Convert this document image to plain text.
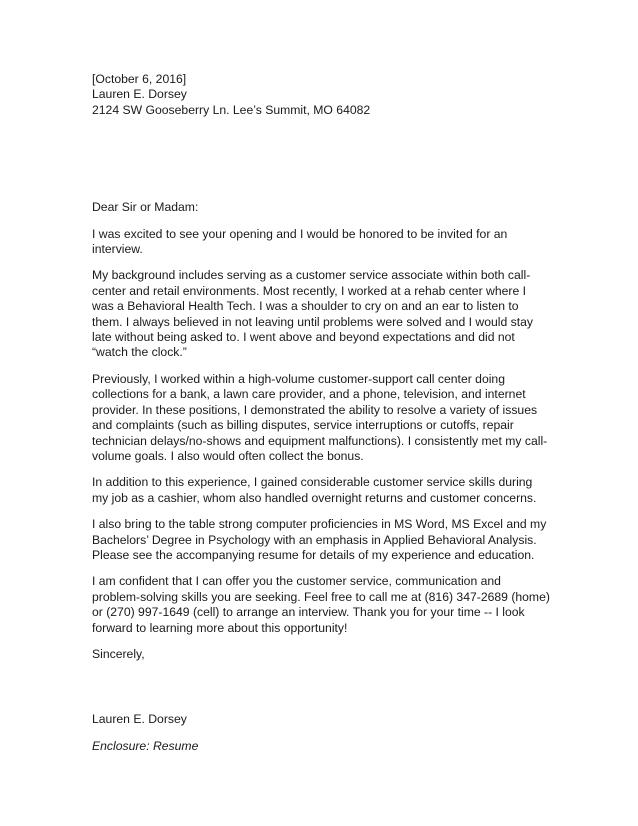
[October 6, 2016]
Lauren E. Dorsey
2124 SW Gooseberry Ln. Lee’s Summit, MO 64082
Dear Sir or Madam:
I was excited to see your opening and I would be honored to be invited for an
interview.
My background includes serving as a customer service associate within both call-
center and retail environments. Most recently, I worked at a rehab center where I
was a Behavioral Health Tech. I was a shoulder to cry on and an ear to listen to
them. I always believed in not leaving until problems were solved and I would stay
late without being asked to. I went above and beyond expectations and did not
“watch the clock.”
Previously, I worked within a high-volume customer-support call center doing
collections for a bank, a lawn care provider, and a phone, television, and internet
provider. In these positions, I demonstrated the ability to resolve a variety of issues
and complaints (such as billing disputes, service interruptions or cutoffs, repair
technician delays/no-shows and equipment malfunctions). I consistently met my call-
volume goals. I also would often collect the bonus.
In addition to this experience, I gained considerable customer service skills during
my job as a cashier, whom also handled overnight returns and customer concerns.
I also bring to the table strong computer proficiencies in MS Word, MS Excel and my
Bachelors’ Degree in Psychology with an emphasis in Applied Behavioral Analysis.
Please see the accompanying resume for details of my experience and education.
I am confident that I can offer you the customer service, communication and
problem-solving skills you are seeking. Feel free to call me at (816) 347-2689 (home)
or (270) 997-1649 (cell) to arrange an interview. Thank you for your time -- I look
forward to learning more about this opportunity!
Sincerely,
Lauren E. Dorsey
Enclosure: Resume
